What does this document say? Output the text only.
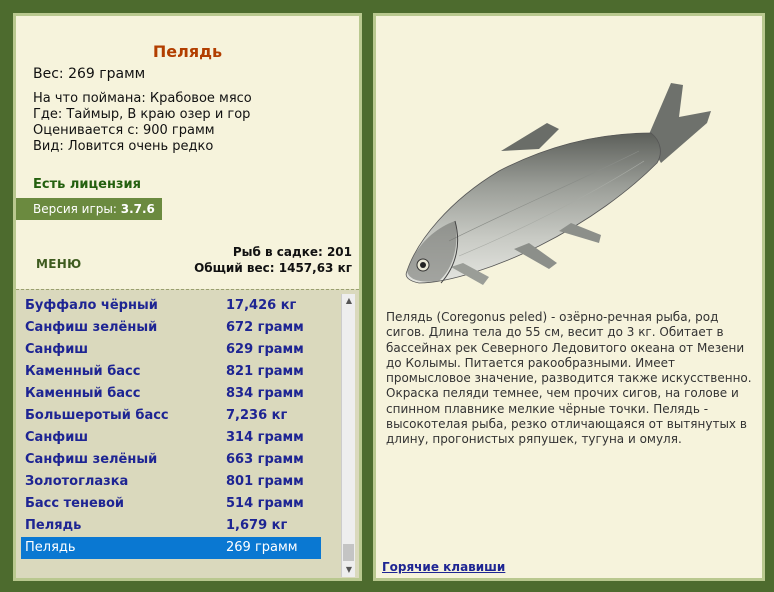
Пелядь
Вес: 269 грамм
На что поймана: Крабовое мясо
Где: Таймыр, В краю озер и гор
Оценивается с: 900 грамм
Вид: Ловится очень редко
Есть лицензия
Версия игры: 3.7.6
МЕНЮ
Рыб в садке: 201
Общий вес: 1457,63 кг
Буффало чёрный	17,426 кг
Санфиш зелёный	672 грамм
Санфиш	629 грамм
Каменный басс	821 грамм
Каменный басс	834 грамм
Большеротый басс	7,236 кг
Санфиш	314 грамм
Санфиш зелёный	663 грамм
Золотоглазка	801 грамм
Басс теневой	514 грамм
Пелядь	1,679 кг
Пелядь	269 грамм
▲
▼
Пелядь (Coregonus peled) - озёрно-речная рыба, род сигов. Длина тела до 55 см, весит до 3 кг. Обитает в бассейнах рек Северного Ледовитого океана от Мезени до Колымы. Питается ракообразными. Имеет промысловое значение, разводится также искусственно. Окраска пеляди темнее, чем прочих сигов, на голове и спинном плавнике мелкие чёрные точки. Пелядь - высокотелая рыба, резко отличающаяся от вытянутых в длину, прогонистых ряпушек, тугуна и омуля.
Горячие клавиши
